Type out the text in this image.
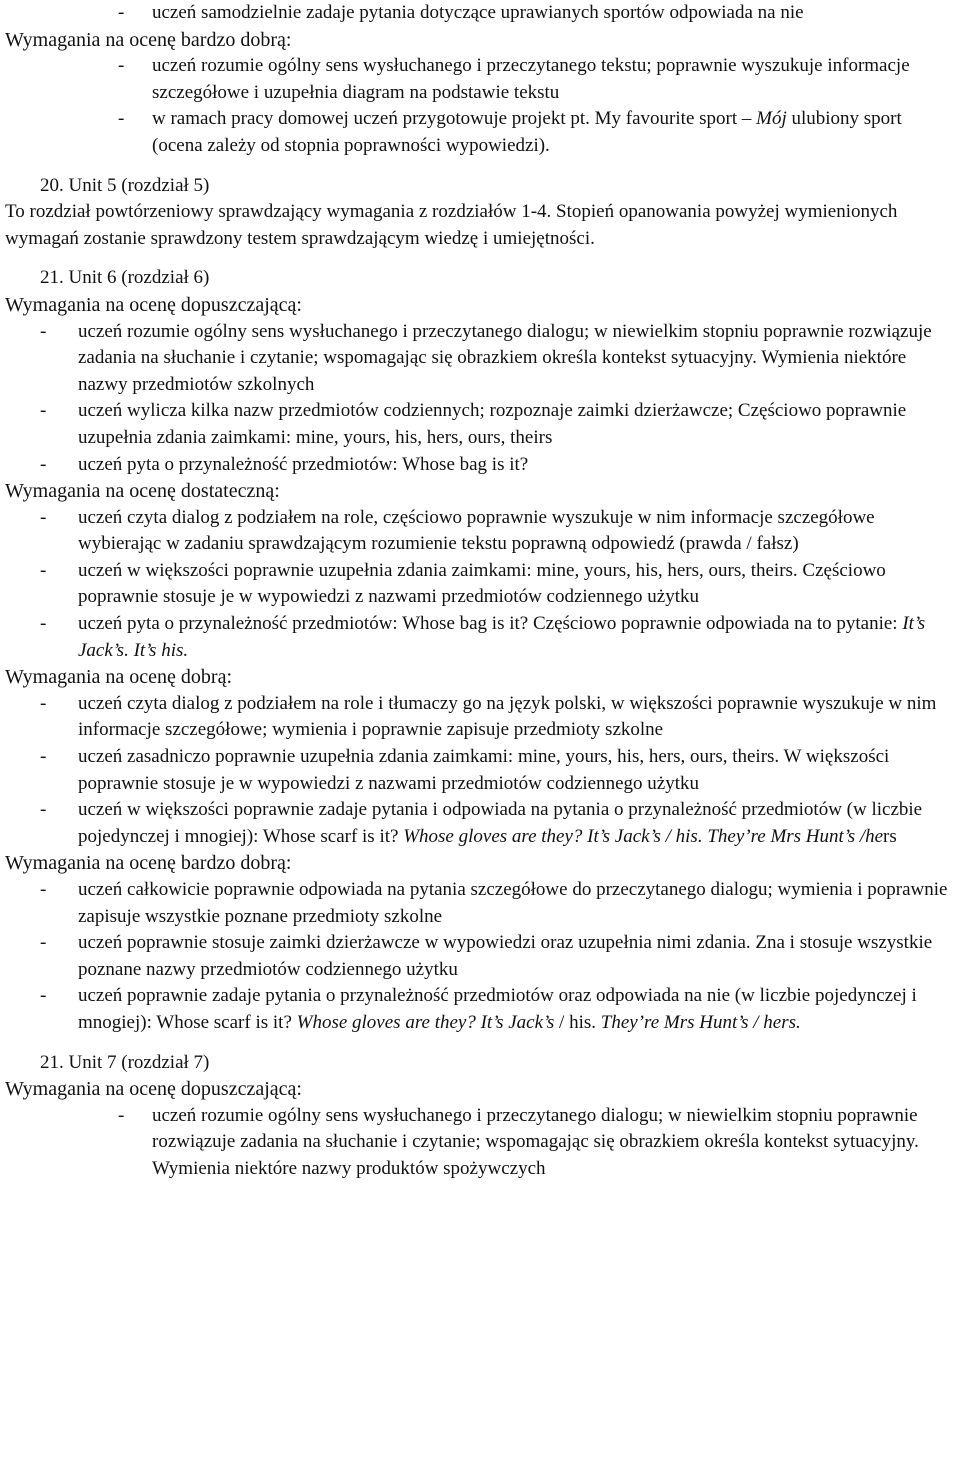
- uczeń samodzielnie zadaje pytania dotyczące uprawianych sportów odpowiada na nie
Wymagania na ocenę bardzo dobrą:
- uczeń rozumie ogólny sens wysłuchanego i przeczytanego tekstu; poprawnie wyszukuje informacje szczegółowe i uzupełnia diagram na podstawie tekstu
- w ramach pracy domowej uczeń przygotowuje projekt pt. My favourite sport – Mój ulubiony sport (ocena zależy od stopnia poprawności wypowiedzi).
20. Unit 5 (rozdział 5)
To rozdział powtórzeniowy sprawdzający wymagania z rozdziałów 1-4. Stopień opanowania powyżej wymienionych wymagań zostanie sprawdzony testem sprawdzającym wiedzę i umiejętności.
21. Unit 6 (rozdział 6)
Wymagania na ocenę dopuszczającą:
- uczeń rozumie ogólny sens wysłuchanego i przeczytanego dialogu; w niewielkim stopniu poprawnie rozwiązuje zadania na słuchanie i czytanie; wspomagając się obrazkiem określa kontekst sytuacyjny. Wymienia niektóre nazwy przedmiotów szkolnych
- uczeń wylicza kilka nazw przedmiotów codziennych; rozpoznaje zaimki dzierżawcze; Częściowo poprawnie uzupełnia zdania zaimkami: mine, yours, his, hers, ours, theirs
- uczeń pyta o przynależność przedmiotów: Whose bag is it?
Wymagania na ocenę dostateczną:
- uczeń czyta dialog z podziałem na role, częściowo poprawnie wyszukuje w nim informacje szczegółowe wybierając w zadaniu sprawdzającym rozumienie tekstu poprawną odpowiedź (prawda / fałsz)
- uczeń w większości poprawnie uzupełnia zdania zaimkami: mine, yours, his, hers, ours, theirs. Częściowo poprawnie stosuje je w wypowiedzi z nazwami przedmiotów codziennego użytku
- uczeń pyta o przynależność przedmiotów: Whose bag is it? Częściowo poprawnie odpowiada na to pytanie: It’s Jack’s. It’s his.
Wymagania na ocenę dobrą:
- uczeń czyta dialog z podziałem na role i tłumaczy go na język polski, w większości poprawnie wyszukuje w nim informacje szczegółowe; wymienia i poprawnie zapisuje przedmioty szkolne
- uczeń zasadniczo poprawnie uzupełnia zdania zaimkami: mine, yours, his, hers, ours, theirs. W większości poprawnie stosuje je w wypowiedzi z nazwami przedmiotów codziennego użytku
- uczeń w większości poprawnie zadaje pytania i odpowiada na pytania o przynależność przedmiotów (w liczbie pojedynczej i mnogiej): Whose scarf is it? Whose gloves are they? It’s Jack’s / his. They’re Mrs Hunt’s /hers
Wymagania na ocenę bardzo dobrą:
- uczeń całkowicie poprawnie odpowiada na pytania szczegółowe do przeczytanego dialogu; wymienia i poprawnie zapisuje wszystkie poznane przedmioty szkolne
- uczeń poprawnie stosuje zaimki dzierżawcze w wypowiedzi oraz uzupełnia nimi zdania. Zna i stosuje wszystkie poznane nazwy przedmiotów codziennego użytku
- uczeń poprawnie zadaje pytania o przynależność przedmiotów oraz odpowiada na nie (w liczbie pojedynczej i mnogiej): Whose scarf is it? Whose gloves are they? It’s Jack’s / his. They’re Mrs Hunt’s / hers.
21. Unit 7 (rozdział 7)
Wymagania na ocenę dopuszczającą:
- uczeń rozumie ogólny sens wysłuchanego i przeczytanego dialogu; w niewielkim stopniu poprawnie rozwiązuje zadania na słuchanie i czytanie; wspomagając się obrazkiem określa kontekst sytuacyjny. Wymienia niektóre nazwy produktów spożywczych
